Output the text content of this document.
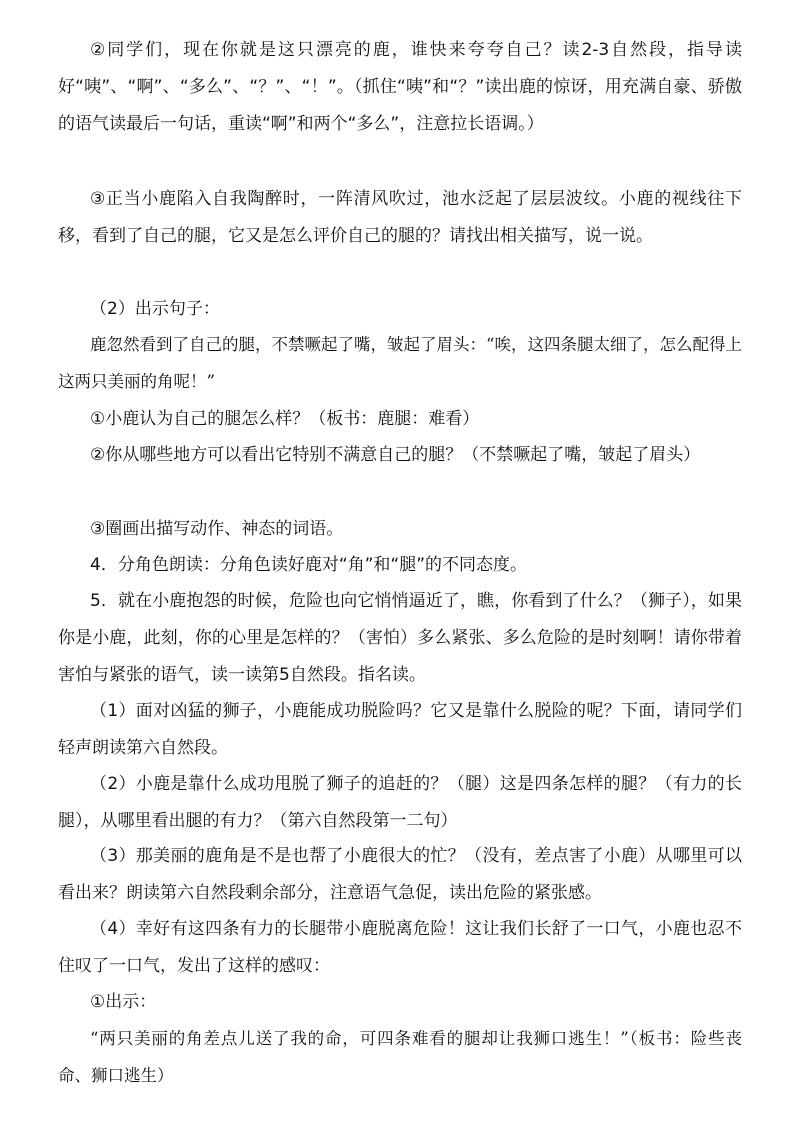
②同学们，现在你就是这只漂亮的鹿，谁快来夸夸自己？读2-3自然段，指导读好“咦”、“啊”、“多么”、“？”、“！”。（抓住“咦”和“？”读出鹿的惊讶，用充满自豪、骄傲的语气读最后一句话，重读“啊”和两个“多么”，注意拉长语调。）
③正当小鹿陷入自我陶醉时，一阵清风吹过，池水泛起了层层波纹。小鹿的视线往下移，看到了自己的腿，它又是怎么评价自己的腿的？请找出相关描写，说一说。
（2）出示句子：
鹿忽然看到了自己的腿，不禁噘起了嘴，皱起了眉头：“唉，这四条腿太细了，怎么配得上这两只美丽的角呢！”
①小鹿认为自己的腿怎么样？（板书：鹿腿：难看）
②你从哪些地方可以看出它特别不满意自己的腿？（不禁噘起了嘴，皱起了眉头）
③圈画出描写动作、神态的词语。
4．分角色朗读：分角色读好鹿对“角”和“腿”的不同态度。
5．就在小鹿抱怨的时候，危险也向它悄悄逼近了，瞧，你看到了什么？（狮子），如果你是小鹿，此刻，你的心里是怎样的？（害怕）多么紧张、多么危险的是时刻啊！请你带着害怕与紧张的语气，读一读第5自然段。指名读。
（1）面对凶猛的狮子，小鹿能成功脱险吗？它又是靠什么脱险的呢？下面，请同学们轻声朗读第六自然段。
（2）小鹿是靠什么成功甩脱了狮子的追赶的？（腿）这是四条怎样的腿？（有力的长腿），从哪里看出腿的有力？（第六自然段第一二句）
（3）那美丽的鹿角是不是也帮了小鹿很大的忙？（没有，差点害了小鹿）从哪里可以看出来？朗读第六自然段剩余部分，注意语气急促，读出危险的紧张感。
（4）幸好有这四条有力的长腿带小鹿脱离危险！这让我们长舒了一口气，小鹿也忍不住叹了一口气，发出了这样的感叹：
①出示：
“两只美丽的角差点儿送了我的命，可四条难看的腿却让我狮口逃生！”（板书：险些丧命、狮口逃生）
